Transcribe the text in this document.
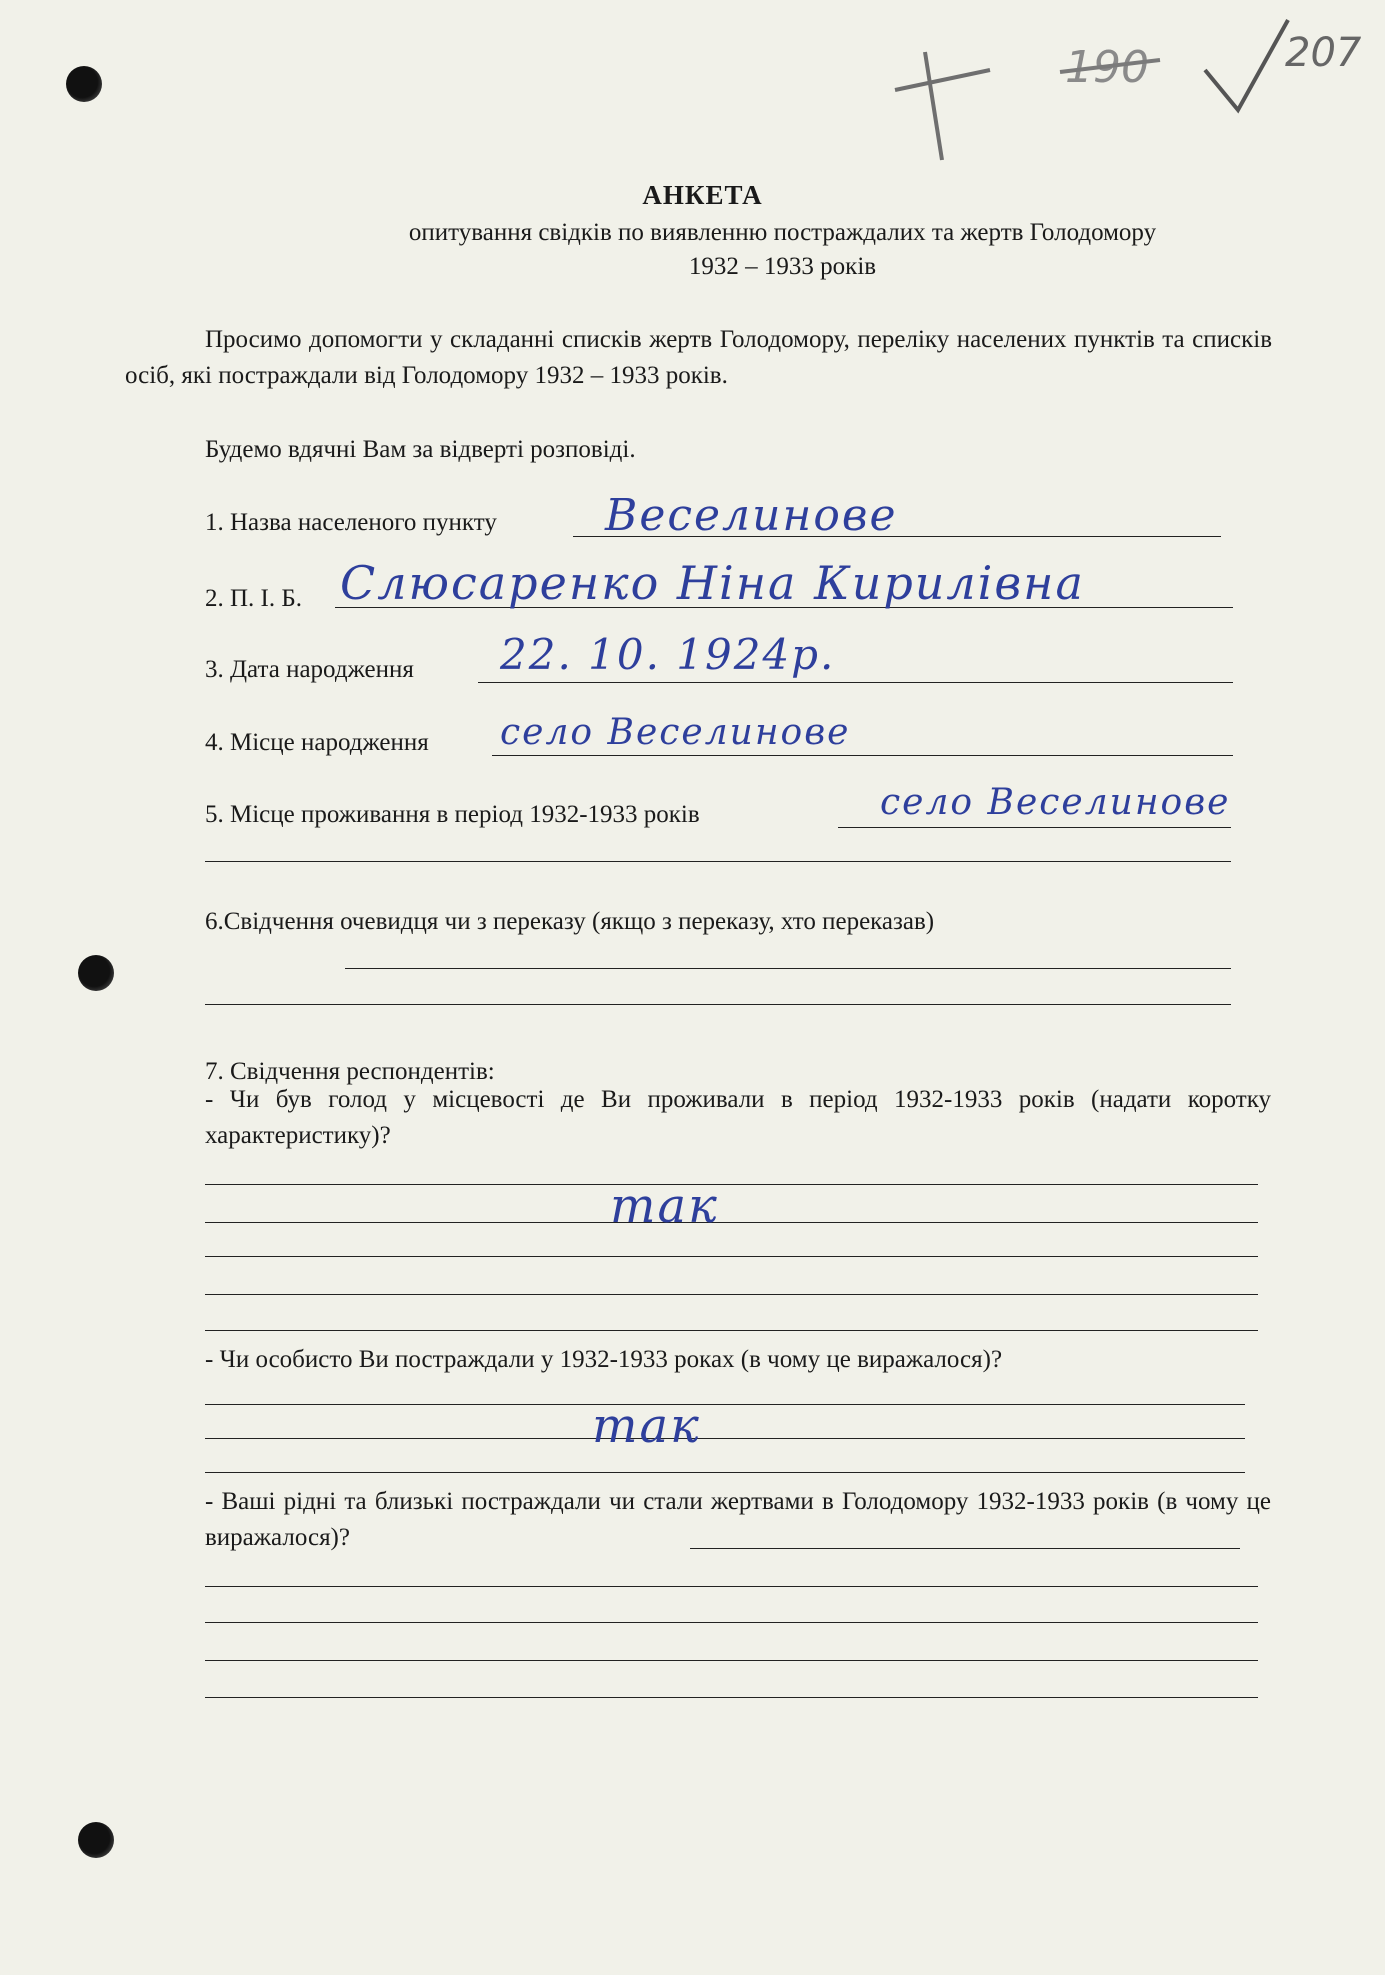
190	207
АНКЕТА
опитування свідків по виявленню постраждалих та жертв Голодомору
1932 – 1933 років
Просимо допомогти у складанні списків жертв Голодомору, переліку населених пунктів та списків осіб, які постраждали від Голодомору 1932 – 1933 років.
Будемо вдячні Вам за відверті розповіді.
1. Назва населеного пункту Веселинове
2. П. І. Б. Слюсаренко Ніна Кирилівна
3. Дата народження 22. 10. 1924р.
4. Місце народження село Веселинове
5. Місце проживання в період 1932-1933 років	село Веселинове
6.Свідчення очевидця чи з переказу (якщо з переказу, хто переказав)
7. Свідчення респондентів:
- Чи був голод у місцевості де Ви проживали в період 1932-1933 років (надати коротку характеристику)?
так
- Чи особисто Ви постраждали у 1932-1933 роках (в чому це виражалося)?
так
- Ваші рідні та близькі постраждали чи стали жертвами в Голодомору 1932-1933 років (в чому це виражалося)?
